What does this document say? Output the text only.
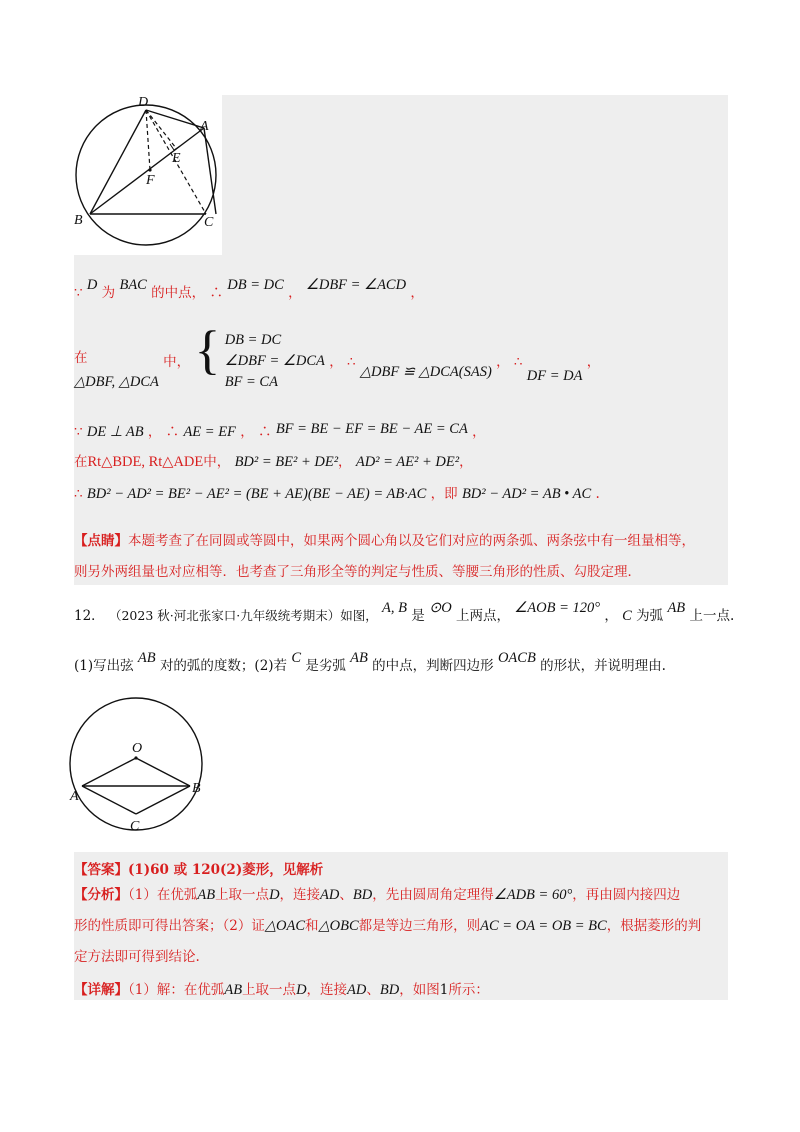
D
A
E
F
B	C
∵ D 为 BAC 的中点， ∴ DB = DC ， ∠DBF = ∠ACD ，
在
△DBF, △DCA 中， { DB = DC
∠DBF = ∠DCA
BF = CA ， ∴ △DBF ≌ △DCA(SAS) ， ∴ DF = DA ，
∵ DE ⊥ AB ， ∴ AE = EF ， ∴ BF = BE − EF = BE − AE = CA ，
在Rt△BDE, Rt△ADE中， BD² = BE² + DE²， AD² = AE² + DE²，
∴ BD² − AD² = BE² − AE² = (BE + AE)(BE − AE) = AB·AC ，即 BD² − AD² = AB • AC .
【点睛】本题考查了在同圆或等圆中，如果两个圆心角以及它们对应的两条弧、两条弦中有一组量相等，
则另外两组量也对应相等．也考查了三角形全等的判定与性质、等腰三角形的性质、勾股定理．
12． （2023 秋·河北张家口·九年级统考期末）如图， A, B 是 ⊙O 上两点， ∠AOB = 120° ， C 为弧 AB 上一点.
(1)写出弦 AB 对的弧的度数；(2)若 C 是劣弧 AB 的中点，判断四边形 OACB 的形状，并说明理由.
O
A
B
C
【答案】(1)60 或 120(2)菱形，见解析
【分析】（1）在优弧AB上取一点D，连接AD、BD，先由圆周角定理得∠ADB = 60°，再由圆内接四边
形的性质即可得出答案；（2）证△OAC和△OBC都是等边三角形，则AC = OA = OB = BC，根据菱形的判
定方法即可得到结论.
【详解】（1）解：在优弧AB上取一点D，连接AD、BD，如图1所示：
